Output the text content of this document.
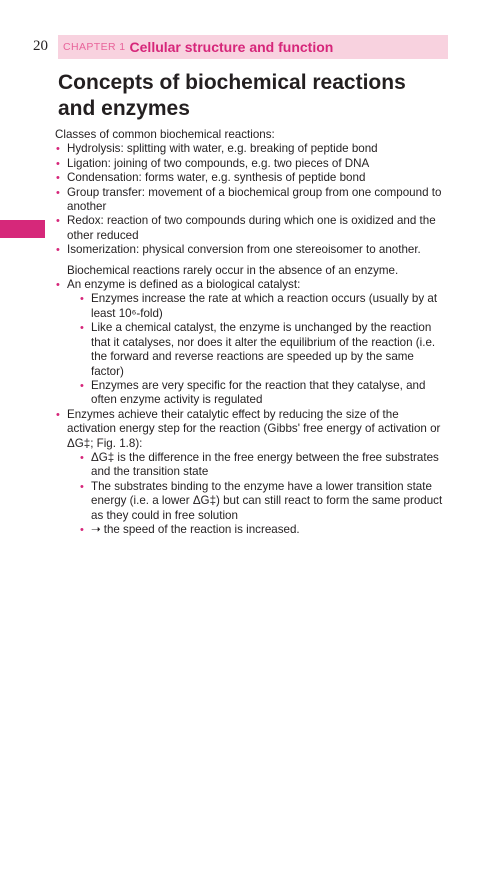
20 CHAPTER 1 Cellular structure and function
Concepts of biochemical reactions and enzymes

Classes of common biochemical reactions:

• Hydrolysis: splitting with water, e.g. breaking of peptide bond
• Ligation: joining of two compounds, e.g. two pieces of DNA
• Condensation: forms water, e.g. synthesis of peptide bond
• Group transfer: movement of a biochemical group from one compound to another
• Redox: reaction of two compounds during which one is oxidized and the other reduced
• Isomerization: physical conversion from one stereoisomer to another.

Biochemical reactions rarely occur in the absence of an enzyme.

• An enzyme is defined as a biological catalyst:
• Enzymes increase the rate at which a reaction occurs (usually by at least 10⁶-fold)
• Like a chemical catalyst, the enzyme is unchanged by the reaction that it catalyses, nor does it alter the equilibrium of the reaction (i.e. the forward and reverse reactions are speeded up by the same factor)
• Enzymes are very specific for the reaction that they catalyse, and often enzyme activity is regulated
• Enzymes achieve their catalytic effect by reducing the size of the activation energy step for the reaction (Gibbs' free energy of activation or ΔG‡; Fig. 1.8):
• ΔG‡ is the difference in the free energy between the free substrates and the transition state
• The substrates binding to the enzyme have a lower transition state energy (i.e. a lower ΔG‡) but can still react to form the same product as they could in free solution
• ➝ the speed of the reaction is increased.
